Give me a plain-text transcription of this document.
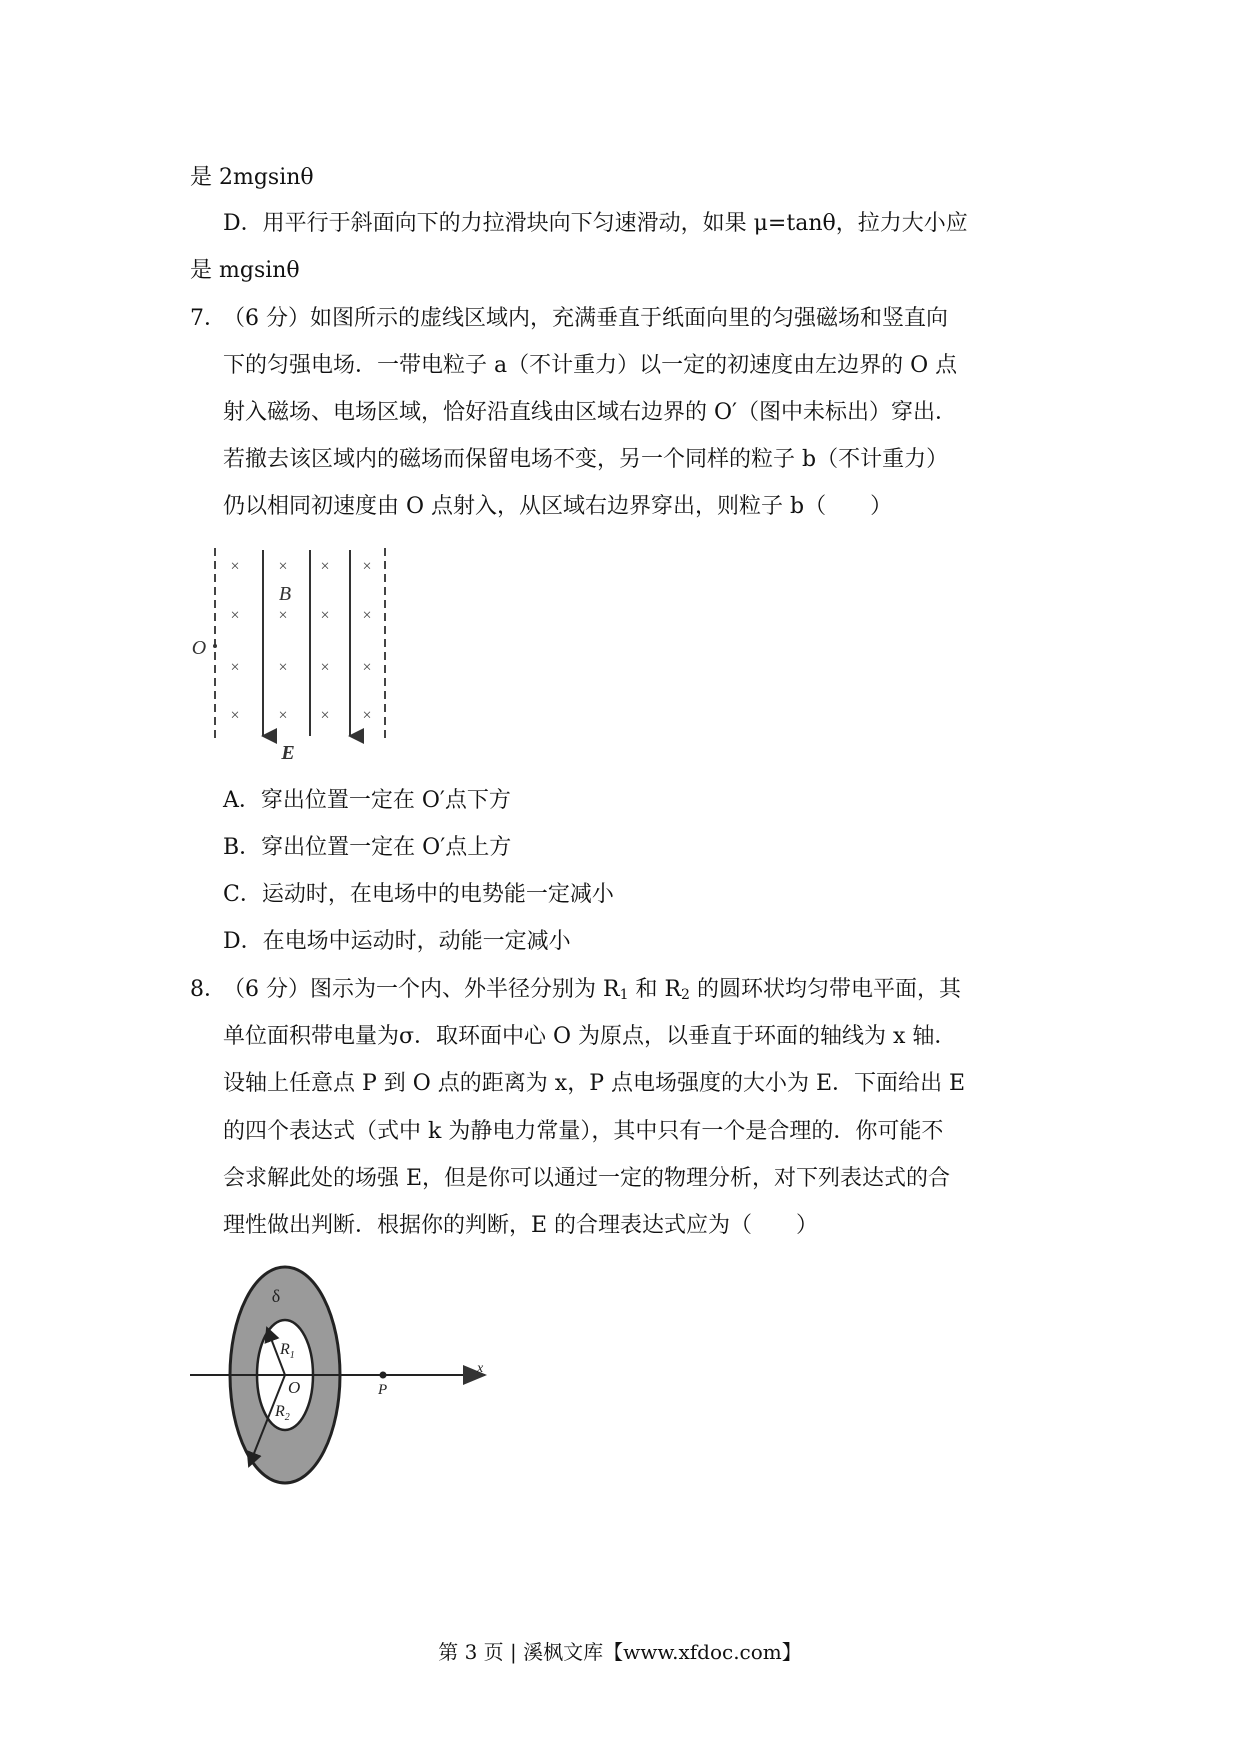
是 2mgsinθ
D．用平行于斜面向下的力拉滑块向下匀速滑动，如果 μ=tanθ，拉力大小应
是 mgsinθ
7．
（6 分）如图所示的虚线区域内，充满垂直于纸面向里的匀强磁场和竖直向
下的匀强电场．一带电粒子 a（不计重力）以一定的初速度由左边界的 O 点
射入磁场、电场区域，恰好沿直线由区域右边界的 O′（图中未标出）穿出．
若撤去该区域内的磁场而保留电场不变，另一个同样的粒子 b（不计重力）
仍以相同初速度由 O 点射入，从区域右边界穿出，则粒子 b（　　）
× × × ×
× × × ×
× × × ×
× × × ×
B
O
E
A．穿出位置一定在 O′点下方
B．穿出位置一定在 O′点上方
C．运动时，在电场中的电势能一定减小
D．在电场中运动时，动能一定减小
8．
（6 分）图示为一个内、外半径分别为 $R_1$ 和 $R_2$ 的圆环状均匀带电平面，其
单位面积带电量为σ．取环面中心 O 为原点，以垂直于环面的轴线为 x 轴．
设轴上任意点 P 到 O 点的距离为 x，P 点电场强度的大小为 E．下面给出 E
的四个表达式（式中 k 为静电力常量），其中只有一个是合理的．你可能不
会求解此处的场强 E，但是你可以通过一定的物理分析，对下列表达式的合
理性做出判断．根据你的判断，E 的合理表达式应为（　　）
δ
$R_1$
O
$R_2$
P
x
第 3 页 | 溪枫文库【www.xfdoc.com】
